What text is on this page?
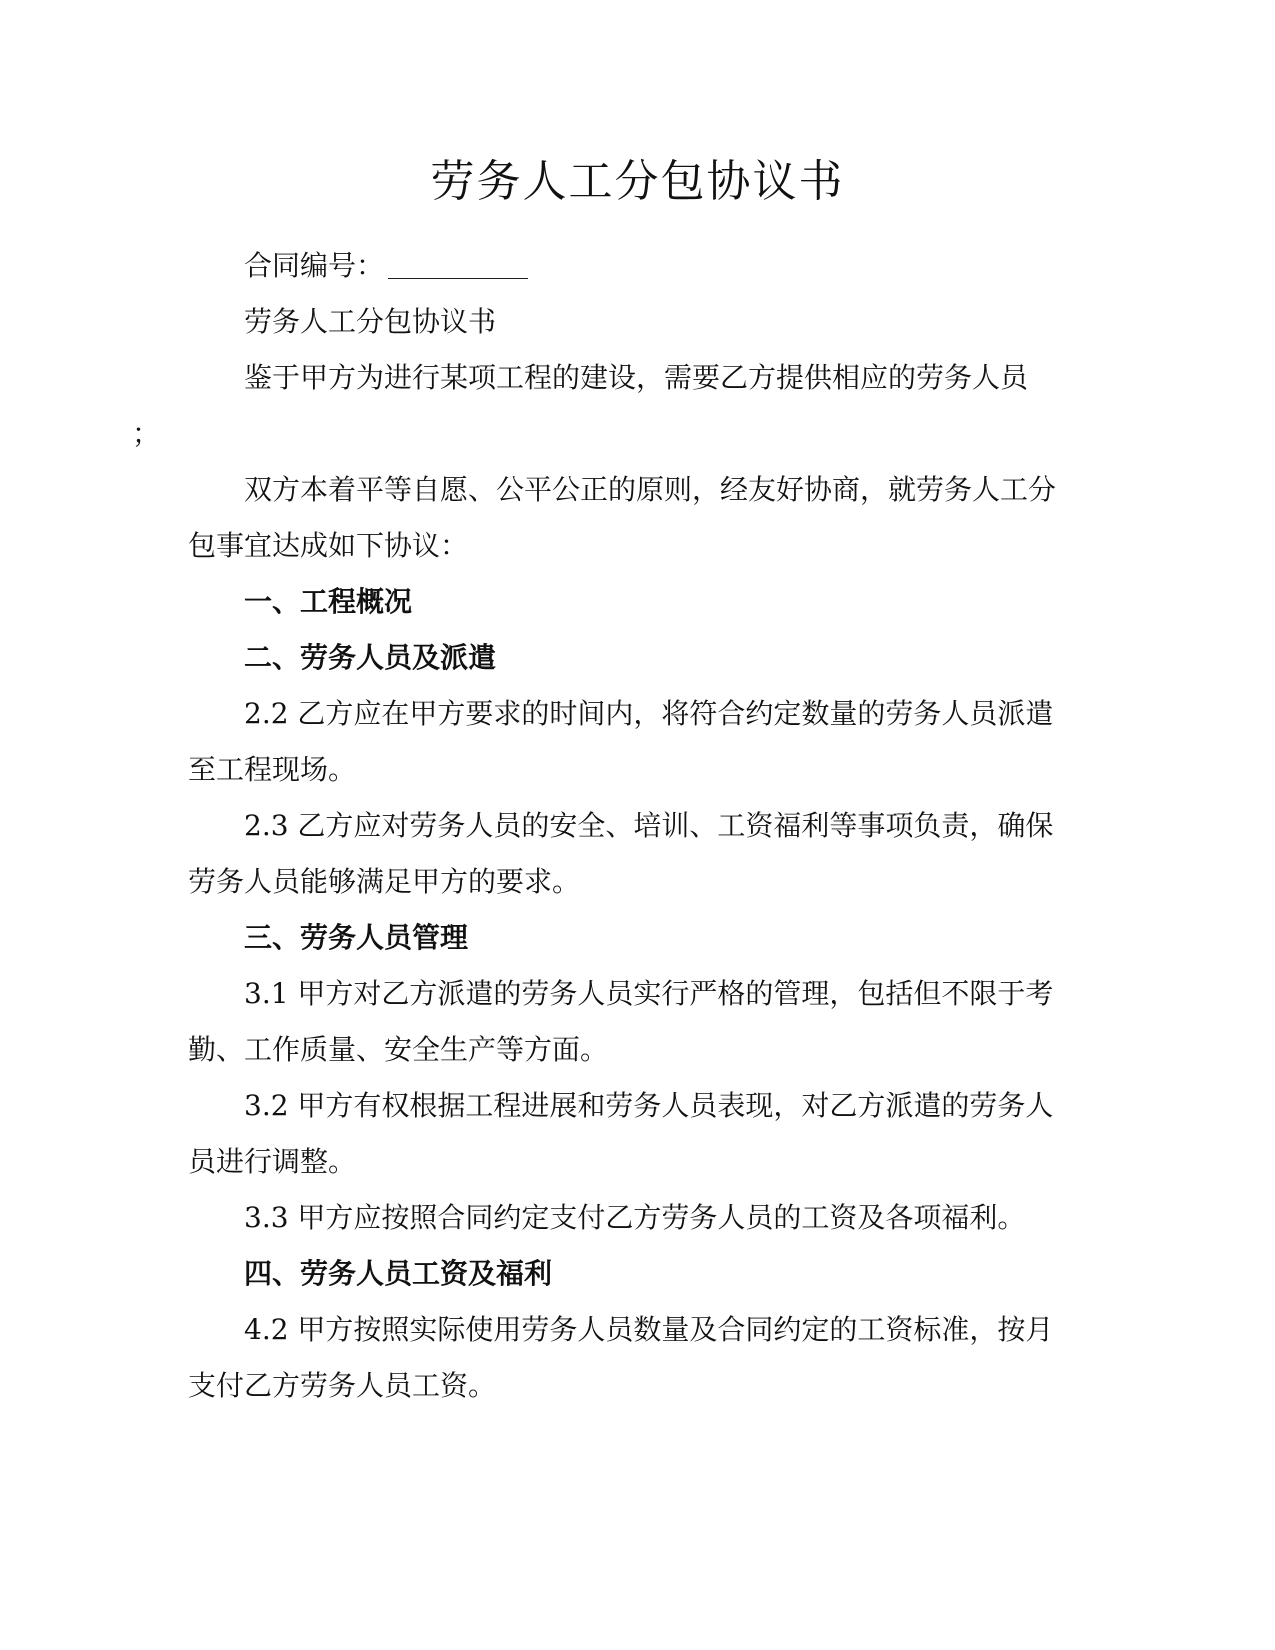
劳务人工分包协议书

合同编号：

劳务人工分包协议书

鉴于甲方为进行某项工程的建设，需要乙方提供相应的劳务人员
；

双方本着平等自愿、公平公正的原则，经友好协商，就劳务人工分包事宜达成如下协议：

一、工程概况

二、劳务人员及派遣

2.2 乙方应在甲方要求的时间内，将符合约定数量的劳务人员派遣至工程现场。

2.3 乙方应对劳务人员的安全、培训、工资福利等事项负责，确保劳务人员能够满足甲方的要求。

三、劳务人员管理

3.1 甲方对乙方派遣的劳务人员实行严格的管理，包括但不限于考勤、工作质量、安全生产等方面。

3.2 甲方有权根据工程进展和劳务人员表现，对乙方派遣的劳务人员进行调整。

3.3 甲方应按照合同约定支付乙方劳务人员的工资及各项福利。

四、劳务人员工资及福利

4.2 甲方按照实际使用劳务人员数量及合同约定的工资标准，按月支付乙方劳务人员工资。
